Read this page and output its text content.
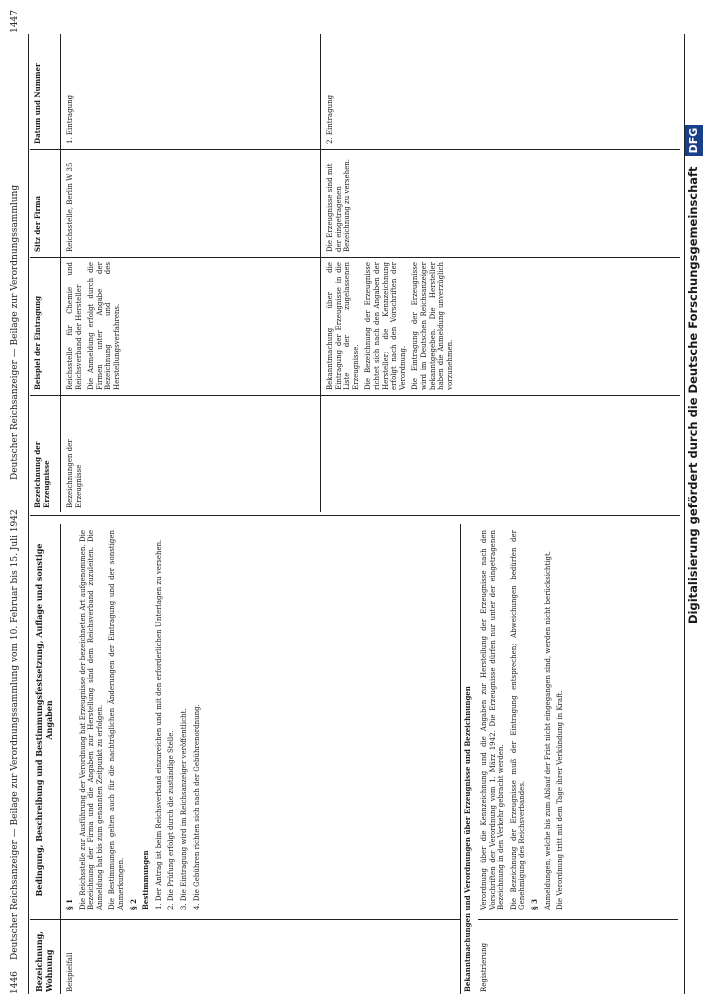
1446
Deutscher Reichsanzeiger — Beilage zur Verordnungssammlung vom 10. Februar bis 15. Juli 1942
Deutscher Reichsanzeiger — Beilage zur Verordnungssammlung
1447
Bezeichnung, Wohnung
Bedingung, Beschreibung und Bestimmungsfestsetzung, Auflage und sonstige Angaben
Beispielfall

§ 1 Die Reichsstelle zur Ausführung der Verordnung hat Erzeugnisse der bezeichneten Art aufgenommen. Die Bezeichnung der Firma und die Angaben zur Herstellung sind dem Reichsverband zuzuleiten. Die Anmeldung hat bis zum genannten Zeitpunkt zu erfolgen. Die Bestimmungen gelten auch für die nachträglichen Änderungen der Eintragung und der sonstigen Anmerkungen. § 2 Bestimmungen 1. Der Antrag ist beim Reichsverband einzureichen und mit den erforderlichen Unterlagen zu versehen. 2. Die Prüfung erfolgt durch die zuständige Stelle. 3. Die Eintragung wird im Reichsanzeiger veröffentlicht. 4. Die Gebühren richten sich nach der Gebührenordnung.	Bekanntmachungen und Verordnungen über Erzeugnisse und Bezeichnungen Registrierung

Verordnung über die Kennzeichnung und die Angaben zur Herstellung der Erzeugnisse nach den Vorschriften der Verordnung vom 1. März 1942. Die Erzeugnisse dürfen nur unter der eingetragenen Bezeichnung in den Verkehr gebracht werden. Die Bezeichnung der Erzeugnisse muß der Eintragung entsprechen; Abweichungen bedürfen der Genehmigung des Reichsverbandes. § 3 Anmeldungen, welche bis zum Ablauf der Frist nicht eingegangen sind, werden nicht berücksichtigt. Die Verordnung tritt mit dem Tage ihrer Verkündung in Kraft.

Bezeichnung der Erzeugnisse
Beispiel der Eintragung
Sitz der Firma
Datum und Nummer
Bezeichnungen der Erzeugnisse

Reichsstelle für Chemie und Reichsverband der Hersteller Die Anmeldung erfolgt durch die Firmen unter Angabe der Bezeichnung und des Herstellungsverfahrens.

Reichsstelle, Berlin W 35
1. Eintragung

Bekanntmachung über die Eintragung der Erzeugnisse in die Liste der zugelassenen Erzeugnisse. Die Bezeichnung der Erzeugnisse richtet sich nach den Angaben der Hersteller; die Kennzeichnung erfolgt nach den Vorschriften der Verordnung. Die Eintragung der Erzeugnisse wird im Deutschen Reichsanzeiger bekanntgegeben. Die Hersteller haben die Anmeldung unverzüglich vorzunehmen.

2. Eintragung
Die Erzeugnisse sind mit der eingetragenen Bezeichnung zu versehen.	Digitalisierung gefördert durch die Deutsche Forschungsgemeinschaft DFG
